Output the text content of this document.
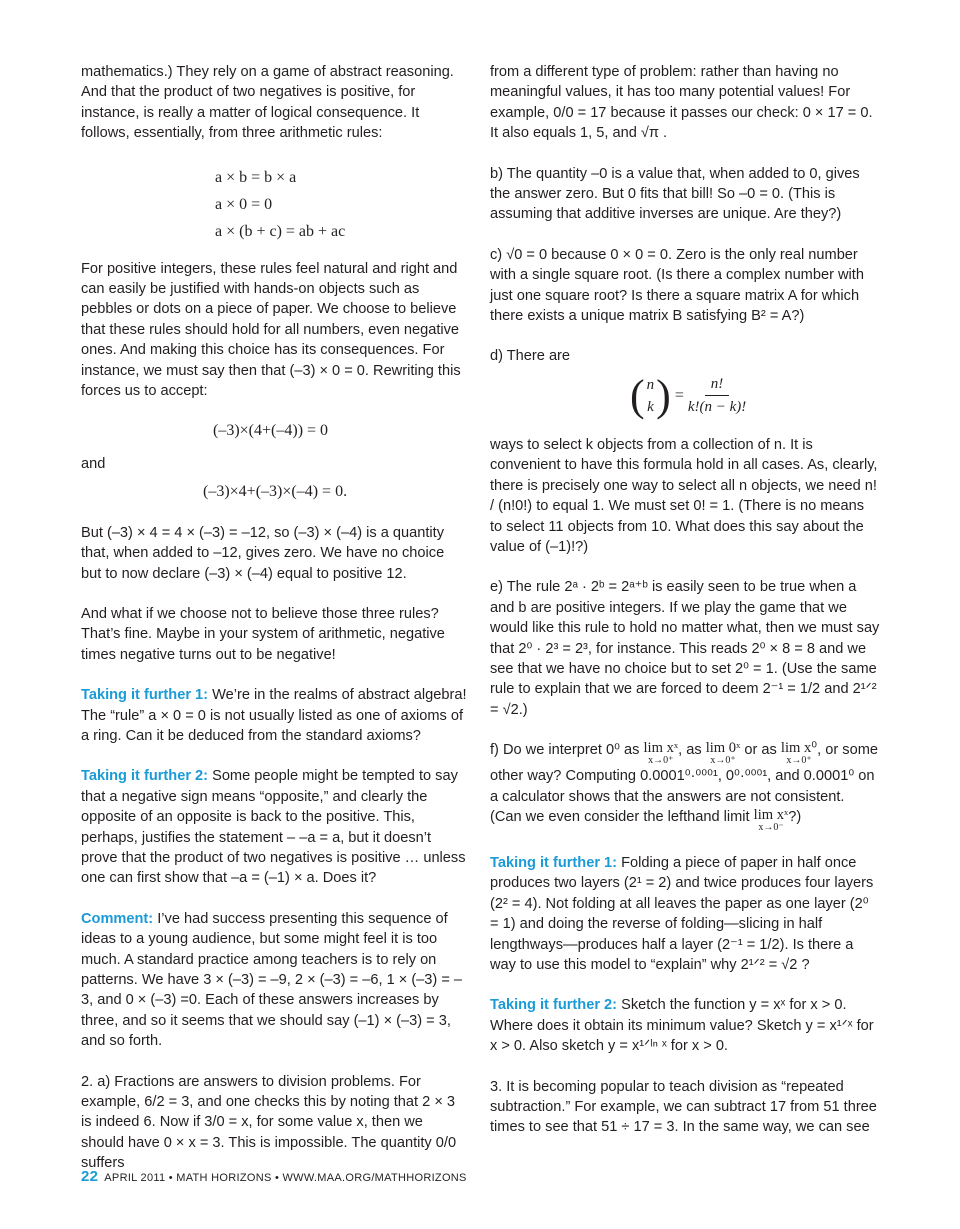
mathematics.) They rely on a game of abstract reasoning. And that the product of two negatives is positive, for instance, is really a matter of logical consequence. It follows, essentially, from three arithmetic rules:

a × b = b × a
a × 0 = 0
a × (b + c) = ab + ac

For positive integers, these rules feel natural and right and can easily be justified with hands-on objects such as pebbles or dots on a piece of paper. We choose to believe that these rules should hold for all numbers, even negative ones. And making this choice has its consequences. For instance, we must say then that (–3) × 0 = 0. Rewriting this forces us to accept:

(–3)×(4+(–4)) = 0

and

(–3)×4+(–3)×(–4) = 0.

But (–3) × 4 = 4 × (–3) = –12, so (–3) × (–4) is a quantity that, when added to –12, gives zero. We have no choice but to now declare (–3) × (–4) equal to positive 12.

And what if we choose not to believe those three rules? That’s fine. Maybe in your system of arithmetic, negative times negative turns out to be negative!

Taking it further 1: We’re in the realms of abstract algebra! The “rule” a × 0 = 0 is not usually listed as one of axioms of a ring. Can it be deduced from the standard axioms?

Taking it further 2: Some people might be tempted to say that a negative sign means “opposite,” and clearly the opposite of an opposite is back to the positive. This, perhaps, justifies the statement – –a = a, but it doesn’t prove that the product of two negatives is positive … unless one can first show that –a = (–1) × a. Does it?

Comment: I’ve had success presenting this sequence of ideas to a young audience, but some might feel it is too much. A standard practice among teachers is to rely on patterns. We have 3 × (–3) = –9, 2 × (–3) = –6, 1 × (–3) = –3, and 0 × (–3) =0. Each of these answers increases by three, and so it seems that we should say (–1) × (–3) = 3, and so forth.

2. a) Fractions are answers to division problems. For example, 6/2 = 3, and one checks this by noting that 2 × 3 is indeed 6. Now if 3/0 = x, for some value x, then we should have 0 × x = 3. This is impossible. The quantity 0/0 suffers

from a different type of problem: rather than having no meaningful values, it has too many potential values! For example, 0/0 = 17 because it passes our check: 0 × 17 = 0. It also equals 1, 5, and √π .

b) The quantity –0 is a value that, when added to 0, gives the answer zero. But 0 fits that bill! So –0 = 0. (This is assuming that additive inverses are unique. Are they?)

c) √0 = 0 because 0 × 0 = 0. Zero is the only real number with a single square root. (Is there a complex number with just one square root? Is there a square matrix A for which there exists a unique matrix B satisfying B² = A?)

d) There are

( n
k ) = $\frac{n!}{k!(n - k)!}$

ways to select k objects from a collection of n. It is convenient to have this formula hold in all cases. As, clearly, there is precisely one way to select all n objects, we need n! / (n!0!) to equal 1. We must set 0! = 1. (There is no means to select 11 objects from 10. What does this say about the value of (–1)!?)

e) The rule 2ᵃ · 2ᵇ = 2ᵃ⁺ᵇ is easily seen to be true when a and b are positive integers. If we play the game that we would like this rule to hold no matter what, then we must say that 2⁰ · 2³ = 2³, for instance. This reads 2⁰ × 8 = 8 and we see that we have no choice but to set 2⁰ = 1. (Use the same rule to explain that we are forced to deem 2⁻¹ = 1/2 and 2¹ᐟ² = √2.)

f) Do we interpret 0⁰ as lim xˣ
x→0⁺
, as lim 0ˣ
x→0⁺
or as lim x⁰
x→0⁺
, or some other way? Computing 0.0001⁰·⁰⁰⁰¹, 0⁰·⁰⁰⁰¹, and 0.0001⁰ on a calculator shows that the answers are not consistent. (Can we even consider the lefthand limit lim xˣ
x→0⁻
?)

Taking it further 1: Folding a piece of paper in half once produces two layers (2¹ = 2) and twice produces four layers (2² = 4). Not folding at all leaves the paper as one layer (2⁰ = 1) and doing the reverse of folding—slicing in half lengthways—produces half a layer (2⁻¹ = 1/2). Is there a way to use this model to “explain” why 2¹ᐟ² = √2 ?

Taking it further 2: Sketch the function y = xˣ for x > 0. Where does it obtain its minimum value? Sketch y = x¹ᐟˣ for x > 0. Also sketch y = x¹ᐟˡⁿ ˣ for x > 0.

3. It is becoming popular to teach division as “repeated subtraction.” For example, we can subtract 17 from 51 three times to see that 51 ÷ 17 = 3. In the same way, we can see

22 APRIL 2011 • MATH HORIZONS • WWW.MAA.ORG/MATHHORIZONS
